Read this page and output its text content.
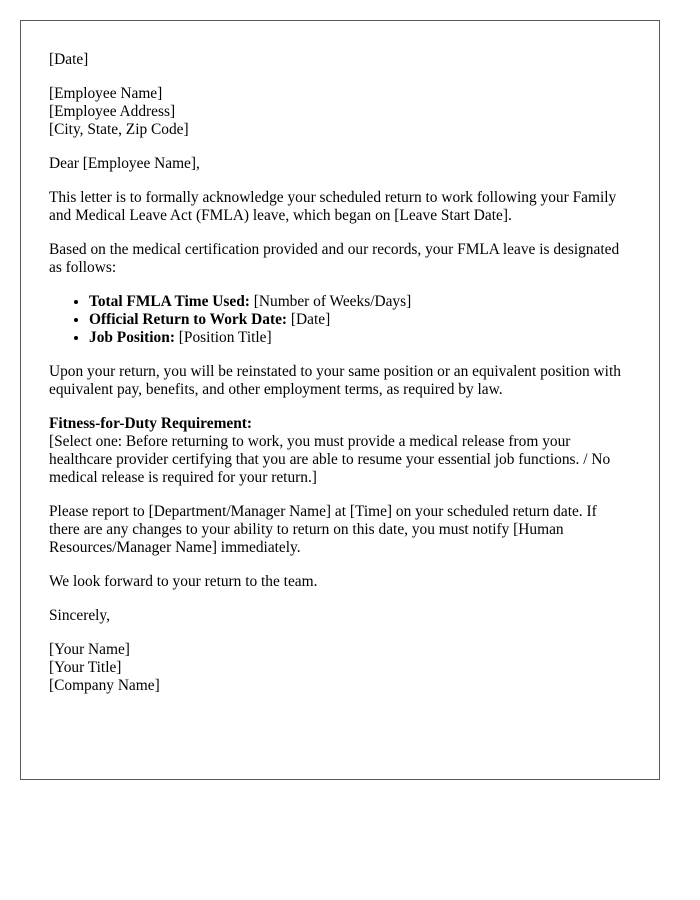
[Date]
[Employee Name]
[Employee Address]
[City, State, Zip Code]
Dear [Employee Name],
This letter is to formally acknowledge your scheduled return to work following your Family and Medical Leave Act (FMLA) leave, which began on [Leave Start Date].
Based on the medical certification provided and our records, your FMLA leave is designated as follows:
• Total FMLA Time Used: [Number of Weeks/Days]
• Official Return to Work Date: [Date]
• Job Position: [Position Title]
Upon your return, you will be reinstated to your same position or an equivalent position with equivalent pay, benefits, and other employment terms, as required by law.
Fitness-for-Duty Requirement:
[Select one: Before returning to work, you must provide a medical release from your healthcare provider certifying that you are able to resume your essential job functions. / No medical release is required for your return.]
Please report to [Department/Manager Name] at [Time] on your scheduled return date. If there are any changes to your ability to return on this date, you must notify [Human Resources/Manager Name] immediately.
We look forward to your return to the team.
Sincerely,
[Your Name]
[Your Title]
[Company Name]
